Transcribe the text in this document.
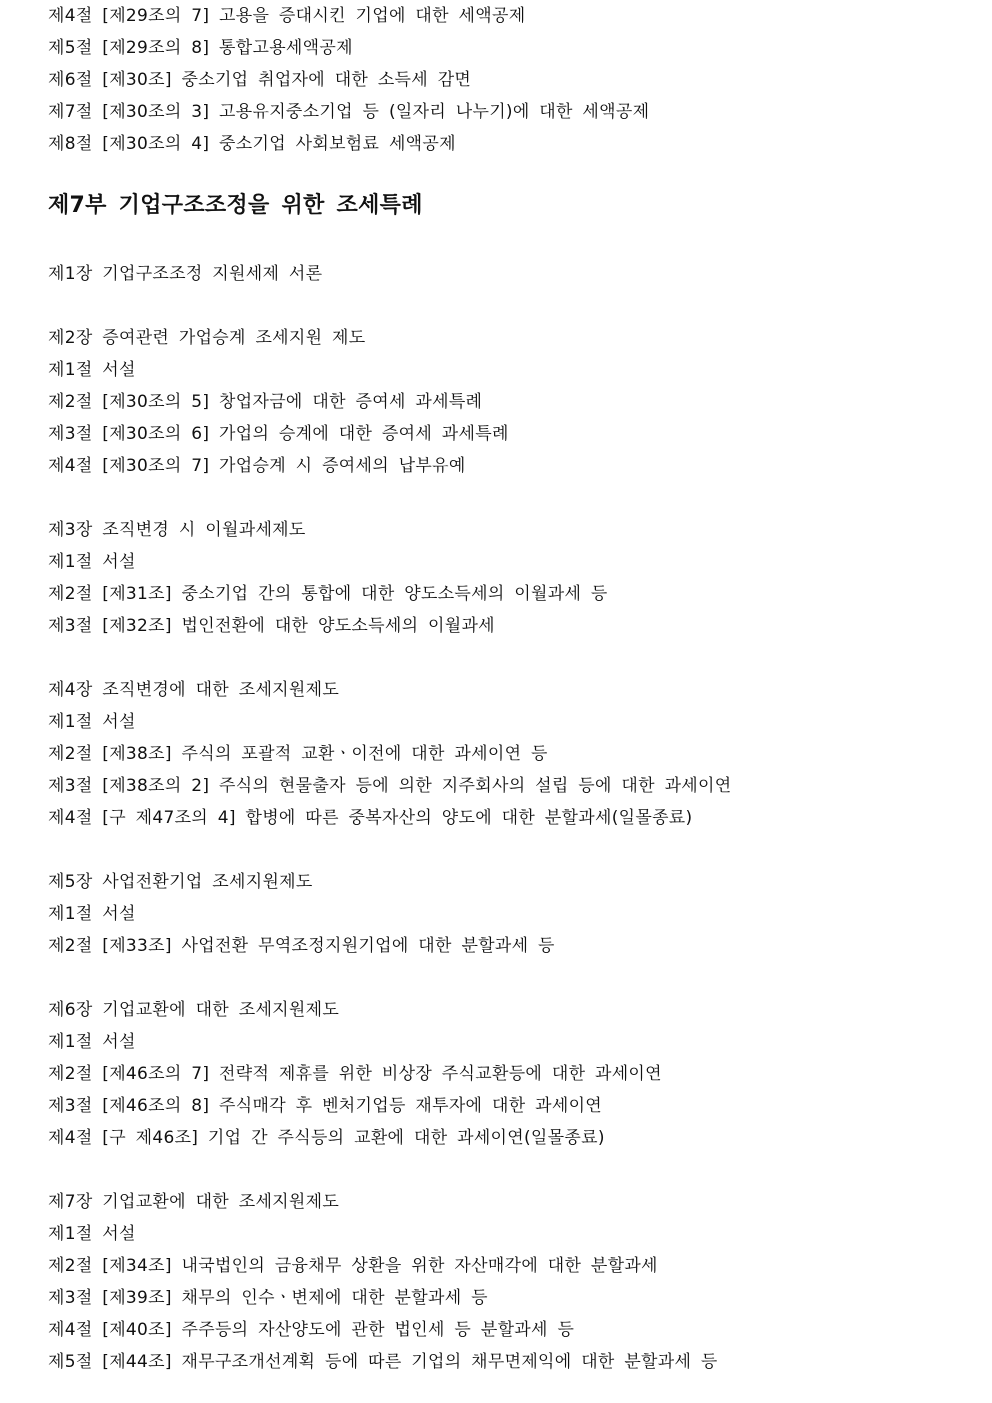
제4절 [제29조의 7] 고용을 증대시킨 기업에 대한 세액공제
제5절 [제29조의 8] 통합고용세액공제
제6절 [제30조] 중소기업 취업자에 대한 소득세 감면
제7절 [제30조의 3] 고용유지중소기업 등 (일자리 나누기)에 대한 세액공제
제8절 [제30조의 4] 중소기업 사회보험료 세액공제
제7부 기업구조조정을 위한 조세특례
제1장 기업구조조정 지원세제 서론
제2장 증여관련 가업승계 조세지원 제도
제1절 서설
제2절 [제30조의 5] 창업자금에 대한 증여세 과세특례
제3절 [제30조의 6] 가업의 승계에 대한 증여세 과세특례
제4절 [제30조의 7] 가업승계 시 증여세의 납부유예
제3장 조직변경 시 이월과세제도
제1절 서설
제2절 [제31조] 중소기업 간의 통합에 대한 양도소득세의 이월과세 등
제3절 [제32조] 법인전환에 대한 양도소득세의 이월과세
제4장 조직변경에 대한 조세지원제도
제1절 서설
제2절 [제38조] 주식의 포괄적 교환ㆍ이전에 대한 과세이연 등
제3절 [제38조의 2] 주식의 현물출자 등에 의한 지주회사의 설립 등에 대한 과세이연
제4절 [구 제47조의 4] 합병에 따른 중복자산의 양도에 대한 분할과세(일몰종료)
제5장 사업전환기업 조세지원제도
제1절 서설
제2절 [제33조] 사업전환 무역조정지원기업에 대한 분할과세 등
제6장 기업교환에 대한 조세지원제도
제1절 서설
제2절 [제46조의 7] 전략적 제휴를 위한 비상장 주식교환등에 대한 과세이연
제3절 [제46조의 8] 주식매각 후 벤처기업등 재투자에 대한 과세이연
제4절 [구 제46조] 기업 간 주식등의 교환에 대한 과세이연(일몰종료)
제7장 기업교환에 대한 조세지원제도
제1절 서설
제2절 [제34조] 내국법인의 금융채무 상환을 위한 자산매각에 대한 분할과세
제3절 [제39조] 채무의 인수ㆍ변제에 대한 분할과세 등
제4절 [제40조] 주주등의 자산양도에 관한 법인세 등 분할과세 등
제5절 [제44조] 재무구조개선계획 등에 따른 기업의 채무면제익에 대한 분할과세 등
